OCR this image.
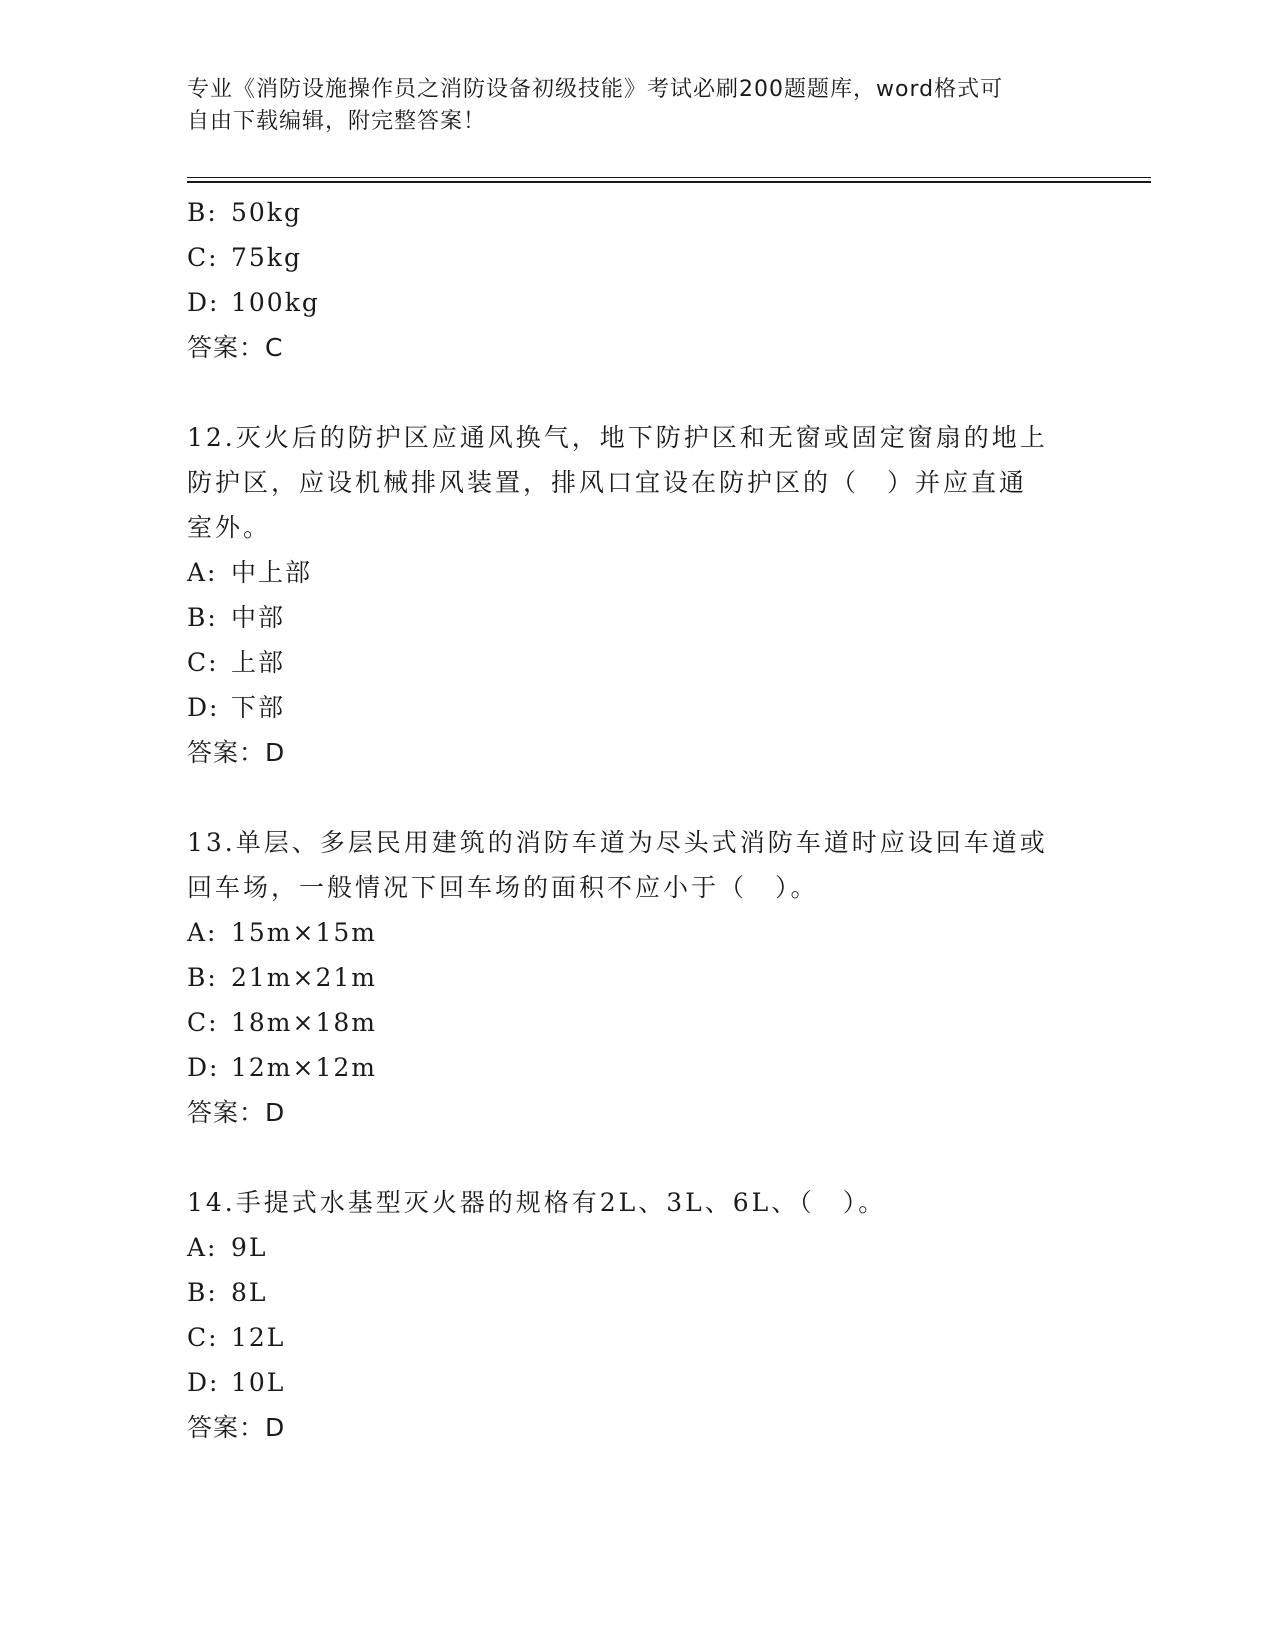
专业《消防设施操作员之消防设备初级技能》考试必刷200题题库，word格式可
自由下载编辑，附完整答案！
B: 50kg
C: 75kg
D: 100kg
答案：C
12.灭火后的防护区应通风换气，地下防护区和无窗或固定窗扇的地上
防护区，应设机械排风装置，排风口宜设在防护区的（　）并应直通
室外。
A: 中上部
B: 中部
C: 上部
D: 下部
答案：D
13.单层、多层民用建筑的消防车道为尽头式消防车道时应设回车道或
回车场，一般情况下回车场的面积不应小于（　）。
A: 15m×15m
B: 21m×21m
C: 18m×18m
D: 12m×12m
答案：D
14.手提式水基型灭火器的规格有2L、3L、6L、（　）。
A: 9L
B: 8L
C: 12L
D: 10L
答案：D
